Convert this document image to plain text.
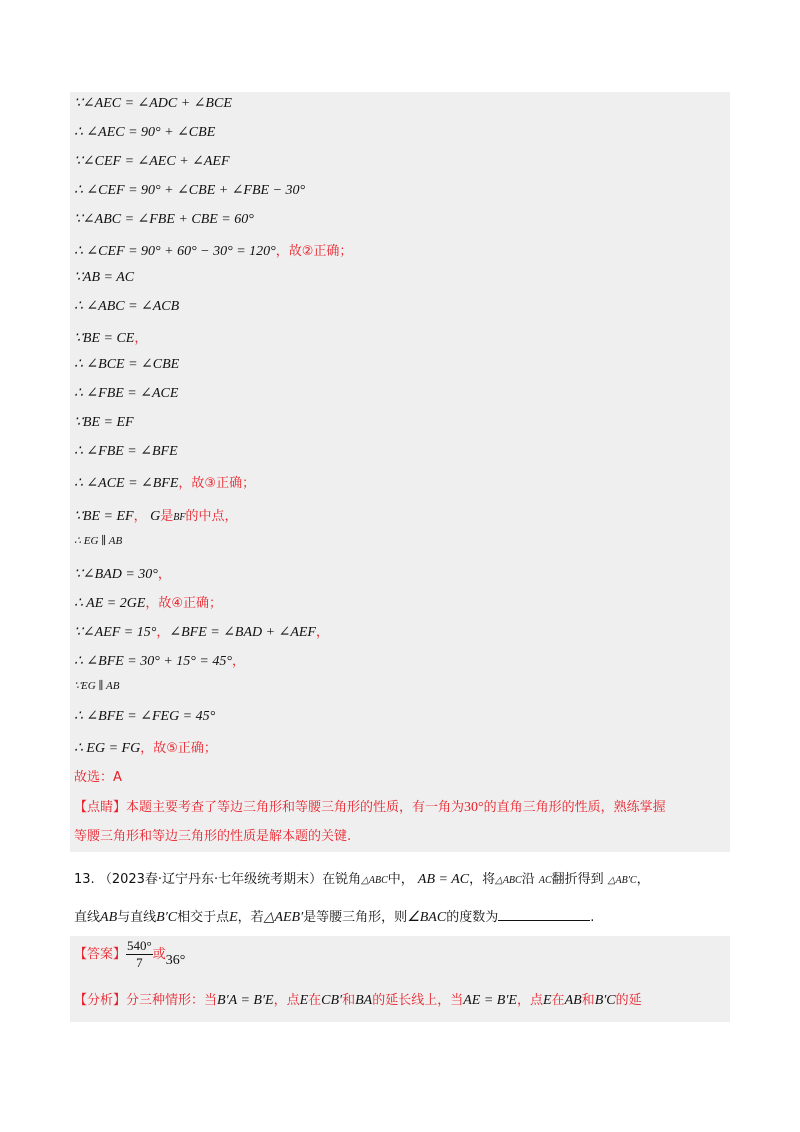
∵∠AEC = ∠ADC + ∠BCE
∴ ∠AEC = 90° + ∠CBE
∵∠CEF = ∠AEC + ∠AEF
∴ ∠CEF = 90° + ∠CBE + ∠FBE − 30°
∵∠ABC = ∠FBE + CBE = 60°
∴ ∠CEF = 90° + 60° − 30° = 120°，故②正确；
∵AB = AC
∴ ∠ABC = ∠ACB
∵BE = CE，
∴ ∠BCE = ∠CBE
∴ ∠FBE = ∠ACE
∵BE = EF
∴ ∠FBE = ∠BFE
∴ ∠ACE = ∠BFE，故③正确；
∵BE = EF， G是BF的中点，
∴ EG ∥ AB
∵∠BAD = 30°，
∴ AE = 2GE，故④正确；
∵∠AEF = 15°，∠BFE = ∠BAD + ∠AEF，
∴ ∠BFE = 30° + 15° = 45°，
∵EG ∥ AB
∴ ∠BFE = ∠FEG = 45°
∴ EG = FG，故⑤正确；
故选：A
【点睛】本题主要考查了等边三角形和等腰三角形的性质，有一角为30°的直角三角形的性质，熟练掌握
等腰三角形和等边三角形的性质是解本题的关键.
13. （2023春·辽宁丹东·七年级统考期末）在锐角△ABC中， AB = AC，将△ABC沿 AC翻折得到 △AB′C，
直线AB与直线B′C相交于点E，若△AEB′是等腰三角形，则∠BAC的度数为	.
【答案】 $\frac{540^\circ}{7}$ 或36°
【分析】分三种情形：当B′A = B′E，点E在CB′和BA的延长线上，当AE = B′E，点E在AB和B′C的延
